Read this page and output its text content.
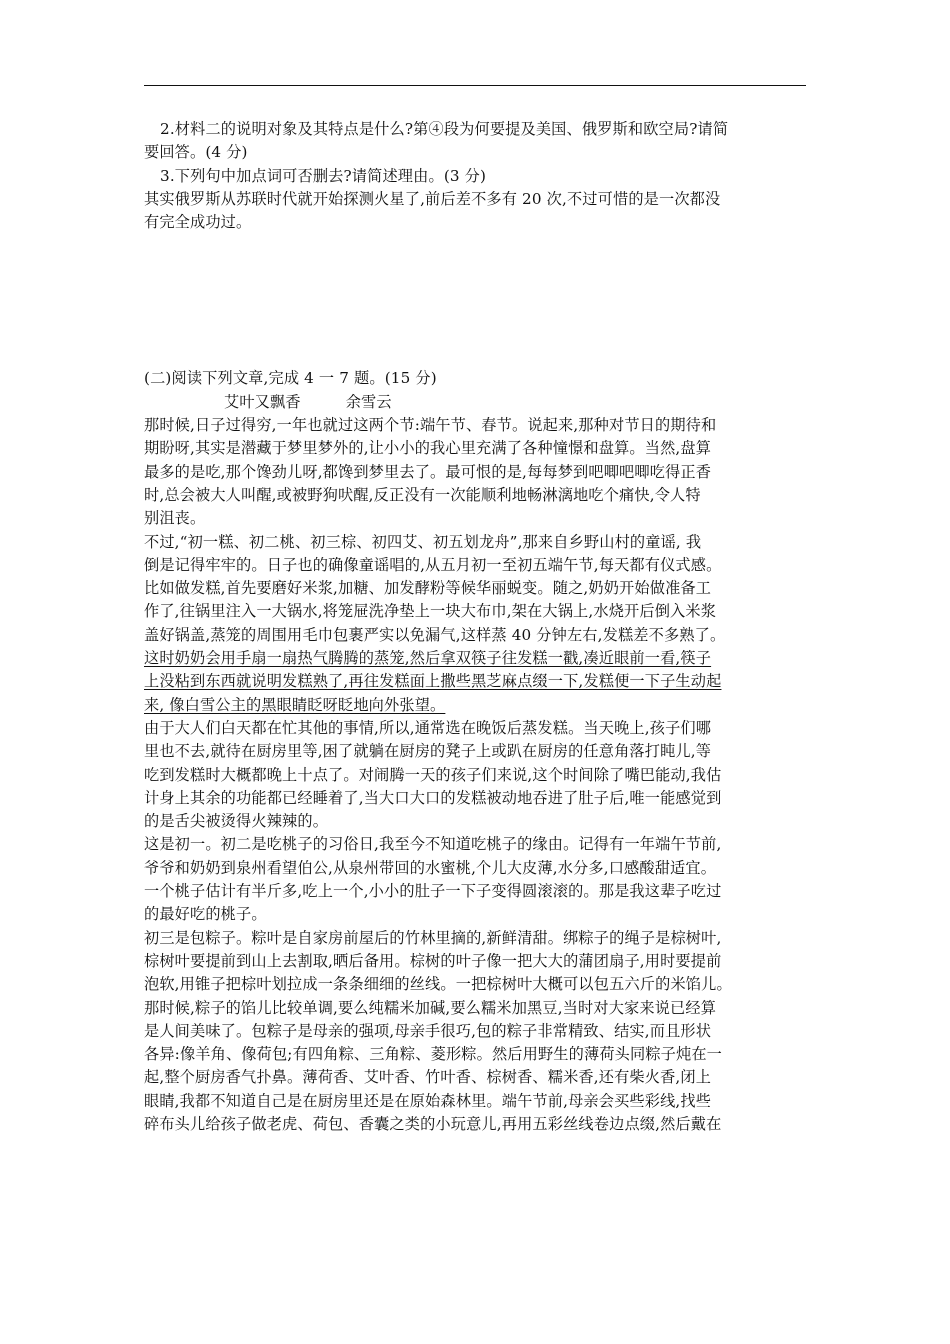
2.材料二的说明对象及其特点是什么?第④段为何要提及美国、俄罗斯和欧空局?请简
要回答。(4 分)
3.下列句中加点词可否删去?请简述理由。(3 分)
其实俄罗斯从苏联时代就开始探测火星了,前后差不多有 20 次,不过可惜的是一次都没
有完全成功过。
(二)阅读下列文章,完成 4 一 7 题。(15 分)
艾叶又飘香	余雪云
那时候,日子过得穷,一年也就过这两个节:端午节、春节。说起来,那种对节日的期待和
期盼呀,其实是潜藏于梦里梦外的,让小小的我心里充满了各种憧憬和盘算。当然,盘算
最多的是吃,那个馋劲儿呀,都馋到梦里去了。最可恨的是,每每梦到吧唧吧唧吃得正香
时,总会被大人叫醒,或被野狗吠醒,反正没有一次能顺利地畅淋漓地吃个痛快,令人特
别沮丧。
不过,“初一糕、初二桃、初三棕、初四艾、初五划龙舟”,那来自乡野山村的童谣, 我
倒是记得牢牢的。日子也的确像童谣唱的,从五月初一至初五端午节,每天都有仪式感。
比如做发糕,首先要磨好米浆,加糖、加发酵粉等候华丽蜕变。随之,奶奶开始做准备工
作了,往锅里注入一大锅水,将笼屉洗净垫上一块大布巾,架在大锅上,水烧开后倒入米浆
盖好锅盖,蒸笼的周围用毛巾包裹严实以免漏气,这样蒸 40 分钟左右,发糕差不多熟了。
这时奶奶会用手扇一扇热气腾腾的蒸笼,然后拿双筷子往发糕一戳,凑近眼前一看,筷子
上没粘到东西就说明发糕熟了,再往发糕面上撒些黑芝麻点缀一下,发糕便一下子生动起
来, 像白雪公主的黑眼睛眨呀眨地向外张望。
由于大人们白天都在忙其他的事情,所以,通常选在晚饭后蒸发糕。当天晚上,孩子们哪
里也不去,就待在厨房里等,困了就躺在厨房的凳子上或趴在厨房的任意角落打盹儿,等
吃到发糕时大概都晚上十点了。对闹腾一天的孩子们来说,这个时间除了嘴巴能动,我估
计身上其余的功能都已经睡着了,当大口大口的发糕被动地吞进了肚子后,唯一能感觉到
的是舌尖被烫得火辣辣的。
这是初一。初二是吃桃子的习俗日,我至今不知道吃桃子的缘由。记得有一年端午节前,
爷爷和奶奶到泉州看望伯公,从泉州带回的水蜜桃,个儿大皮薄,水分多,口感酸甜适宜。
一个桃子估计有半斤多,吃上一个,小小的肚子一下子变得圆滚滚的。那是我这辈子吃过
的最好吃的桃子。
初三是包粽子。粽叶是自家房前屋后的竹林里摘的,新鲜清甜。绑粽子的绳子是棕树叶,
棕树叶要提前到山上去割取,晒后备用。棕树的叶子像一把大大的蒲团扇子,用时要提前
泡软,用锥子把棕叶划拉成一条条细细的丝线。一把棕树叶大概可以包五六斤的米馅儿。
那时候,粽子的馅儿比较单调,要么纯糯米加碱,要么糯米加黑豆,当时对大家来说已经算
是人间美味了。包粽子是母亲的强项,母亲手很巧,包的粽子非常精致、结实,而且形状
各异:像羊角、像荷包;有四角粽、三角粽、菱形粽。然后用野生的薄荷头同粽子炖在一
起,整个厨房香气扑鼻。薄荷香、艾叶香、竹叶香、棕树香、糯米香,还有柴火香,闭上
眼睛,我都不知道自己是在厨房里还是在原始森林里。端午节前,母亲会买些彩线,找些
碎布头儿给孩子做老虎、荷包、香囊之类的小玩意儿,再用五彩丝线卷边点缀,然后戴在
